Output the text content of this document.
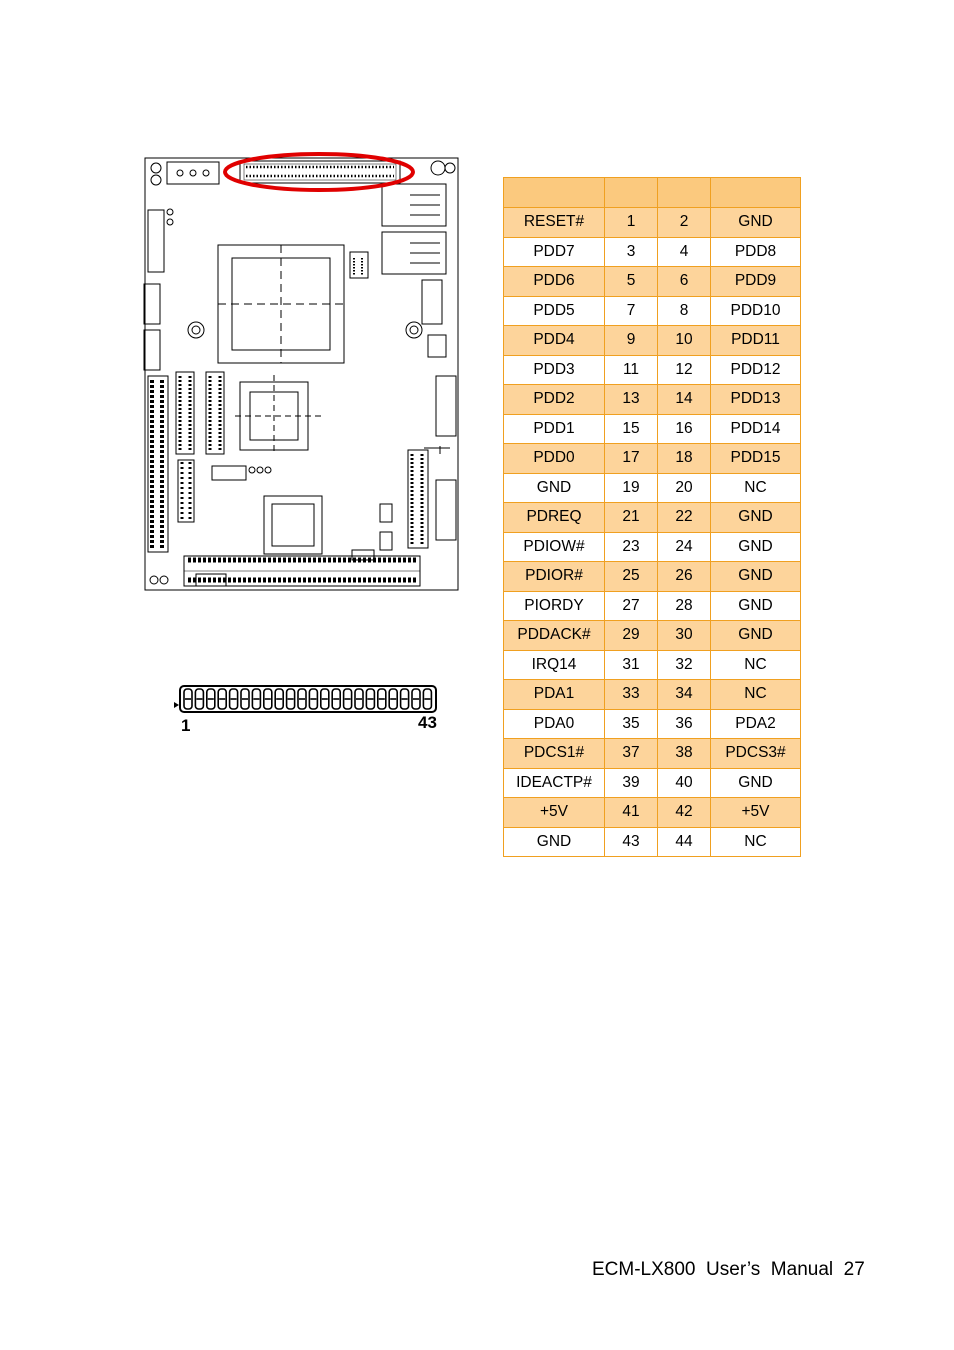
1	43

RESET#	1	2	GND
PDD7	3	4	PDD8
PDD6	5	6	PDD9
PDD5	7	8	PDD10
PDD4	9	10	PDD11
PDD3	11	12	PDD12
PDD2	13	14	PDD13
PDD1	15	16	PDD14
PDD0	17	18	PDD15
GND	19	20	NC
PDREQ	21	22	GND
PDIOW#	23	24	GND
PDIOR#	25	26	GND
PIORDY	27	28	GND
PDDACK#	29	30	GND
IRQ14	31	32	NC
PDA1	33	34	NC
PDA0	35	36	PDA2
PDCS1#	37	38	PDCS3#
IDEACTP#	39	40	GND
+5V	41	42	+5V
GND	43	44	NC
ECM-LX800  User’s  Manual  27
